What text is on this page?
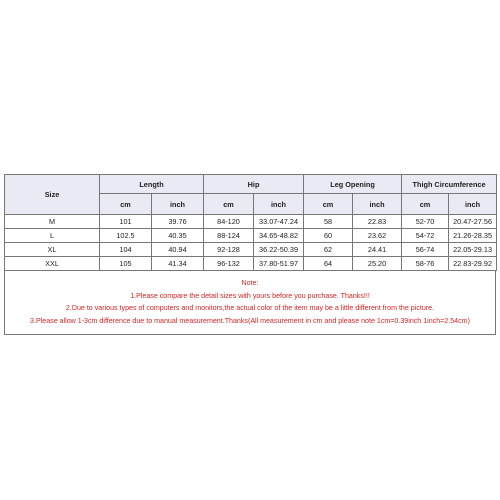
Size	Length		Hip		Leg Opening		Thigh Circumference	
	cm	inch	cm	inch	cm	inch	cm	inch
M	101	39.76	84-120	33.07-47.24	58	22.83	52-70	20.47-27.56
L	102.5	40.35	88-124	34.65-48.82	60	23.62	54-72	21.26-28.35
XL	104	40.94	92-128	36.22-50.39	62	24.41	56-74	22.05-29.13
XXL	105	41.34	96-132	37.80-51.97	64	25.20	58-76	22.83-29.92
Note:
1.Please compare the detail sizes with yours before you purchase. Thanks!!!
2.Due to various types of computers and monitors,the actual color of the item may be a little different from the picture.
3.Please allow 1-3cm difference due to manual measurement.Thanks(All measurement in cm and please note 1cm=0.39inch 1inch=2.54cm)
